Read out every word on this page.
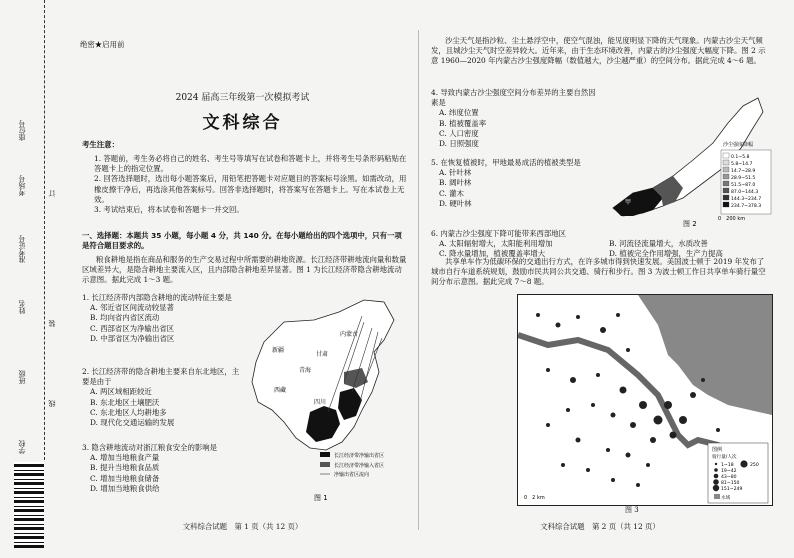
座位号
考场号
准考证号
姓名
班级
学校
订
装
线
绝密★启用前
2024 届高三年级第一次模拟考试
文科综合
考生注意：
1. 答题前，考生务必将自己的姓名、考生号等填写在试卷和答题卡上，并将考生号条形码粘贴在答题卡上的指定位置。
2. 回答选择题时，选出每小题答案后，用铅笔把答题卡对应题目的答案标号涂黑。如需改动，用橡皮擦干净后，再选涂其他答案标号。回答非选择题时，将答案写在答题卡上。写在本试卷上无效。
3. 考试结束后，将本试卷和答题卡一并交回。
一、选择题：本题共 35 小题，每小题 4 分，共 140 分。在每小题给出的四个选项中，只有一项是符合题目要求的。
粮食耕地是指在商品和服务的生产交易过程中所需要的耕地资源。长江经济带耕地流向量和数量区域差异大，是隐含耕地主要流入区，且内部隐含耕地差异显著。图 1 为长江经济带隐含耕地流动示意图。据此完成 1～3 题。
1. 长江经济带内部隐含耕地的流动特征主要是
A. 邻近省区间流动较显著
B. 均向省内省区流动
C. 西部省区为净输出省区
D. 中部省区为净输出省区
2. 长江经济带的隐含耕地主要来自东北地区，主要是由于
A. 两区域相距较近
B. 东北地区土壤肥沃
C. 东北地区人均耕地多
D. 现代化交通运输的发展
3. 隐含耕地流动对浙江粮食安全的影响是
A. 增加当地粮食产量
B. 提升当地粮食品质
C. 增加当地粮食储备
D. 增加当地粮食供给
新疆
西藏
青海
甘肃
内蒙古
四川
长江经济带净输出省区
长江经济带净输入省区
净输出省区流向
图 1
文科综合试题　第 1 页（共 12 页）
沙尘天气是指沙粒、尘土悬浮空中，使空气混浊，能见度明显下降的天气现象。内蒙古沙尘天气频发，且城沙尘天气时空差异较大。近年来，由于生态环境改善，内蒙古的沙尘强度大幅度下降。图 2 示意 1960—2020 年内蒙古沙尘强度降幅（数值越大，沙尘越严重）的空间分布。据此完成 4～6 题。
4. 导致内蒙古沙尘强度空间分布差异的主要自然因素是
A. 纬度位置
B. 植被覆盖率
C. 人口密度
D. 日照强度
5. 在恢复植被时，甲地最易成活的植被类型是
A. 针叶林
B. 阔叶林
C. 灌木
D. 硬叶林	甲
沙尘强度降幅
0.1~5.8
5.8~14.7
14.7~28.9
28.9~51.5
51.5~87.0
87.0~144.3
144.3~234.7
234.7~378.3
0　200 km
图 2
6. 内蒙古沙尘强度下降可能带来西部地区
A. 太阳辐射增大，太阳能利用增加	B. 河流径流量增大，水质改善
C. 降水量增加，植被覆盖率增大	D. 植被完全作用增强，生产力提高
共享单车作为低碳环保的交通出行方式，在许多城市得到快速发展。美国波士顿于 2019 年发布了城市自行车道系统规划，鼓励市民共同公共交通、骑行和步行。图 3 为波士顿工作日共享单车骑行量空间分布示意图。据此完成 7～8 题。
图例
骑行量/人次
1~18
19~42
43~80
81~150
151~249
250
水域
0　2 km
图 3
文科综合试题　第 2 页（共 12 页）
